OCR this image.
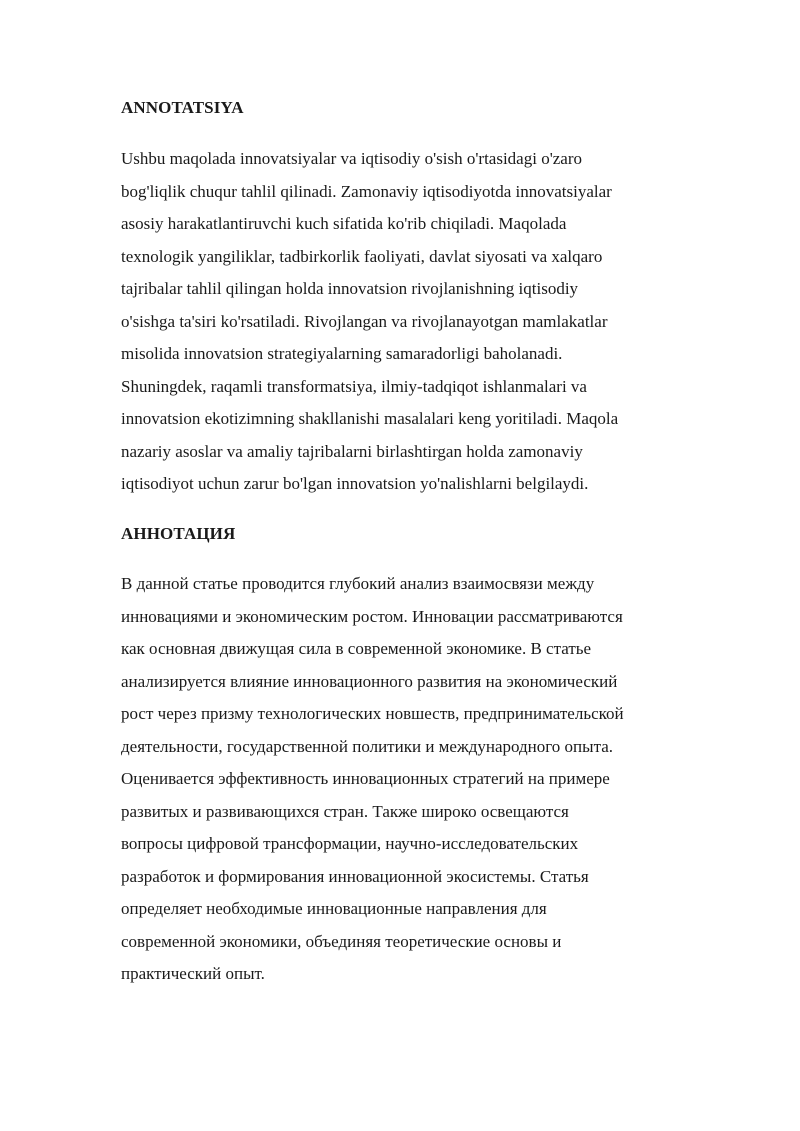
ANNOTATSIYA

Ushbu maqolada innovatsiyalar va iqtisodiy o'sish o'rtasidagi o'zaro
bog'liqlik chuqur tahlil qilinadi. Zamonaviy iqtisodiyotda innovatsiyalar
asosiy harakatlantiruvchi kuch sifatida ko'rib chiqiladi. Maqolada
texnologik yangiliklar, tadbirkorlik faoliyati, davlat siyosati va xalqaro
tajribalar tahlil qilingan holda innovatsion rivojlanishning iqtisodiy
o'sishga ta'siri ko'rsatiladi. Rivojlangan va rivojlanayotgan mamlakatlar
misolida innovatsion strategiyalarning samaradorligi baholanadi.
Shuningdek, raqamli transformatsiya, ilmiy-tadqiqot ishlanmalari va
innovatsion ekotizimning shakllanishi masalalari keng yoritiladi. Maqola
nazariy asoslar va amaliy tajribalarni birlashtirgan holda zamonaviy
iqtisodiyot uchun zarur bo'lgan innovatsion yo'nalishlarni belgilaydi.

АННОТАЦИЯ

В данной статье проводится глубокий анализ взаимосвязи между
инновациями и экономическим ростом. Инновации рассматриваются
как основная движущая сила в современной экономике. В статье
анализируется влияние инновационного развития на экономический
рост через призму технологических новшеств, предпринимательской
деятельности, государственной политики и международного опыта.
Оценивается эффективность инновационных стратегий на примере
развитых и развивающихся стран. Также широко освещаются
вопросы цифровой трансформации, научно-исследовательских
разработок и формирования инновационной экосистемы. Статья
определяет необходимые инновационные направления для
современной экономики, объединяя теоретические основы и
практический опыт.
